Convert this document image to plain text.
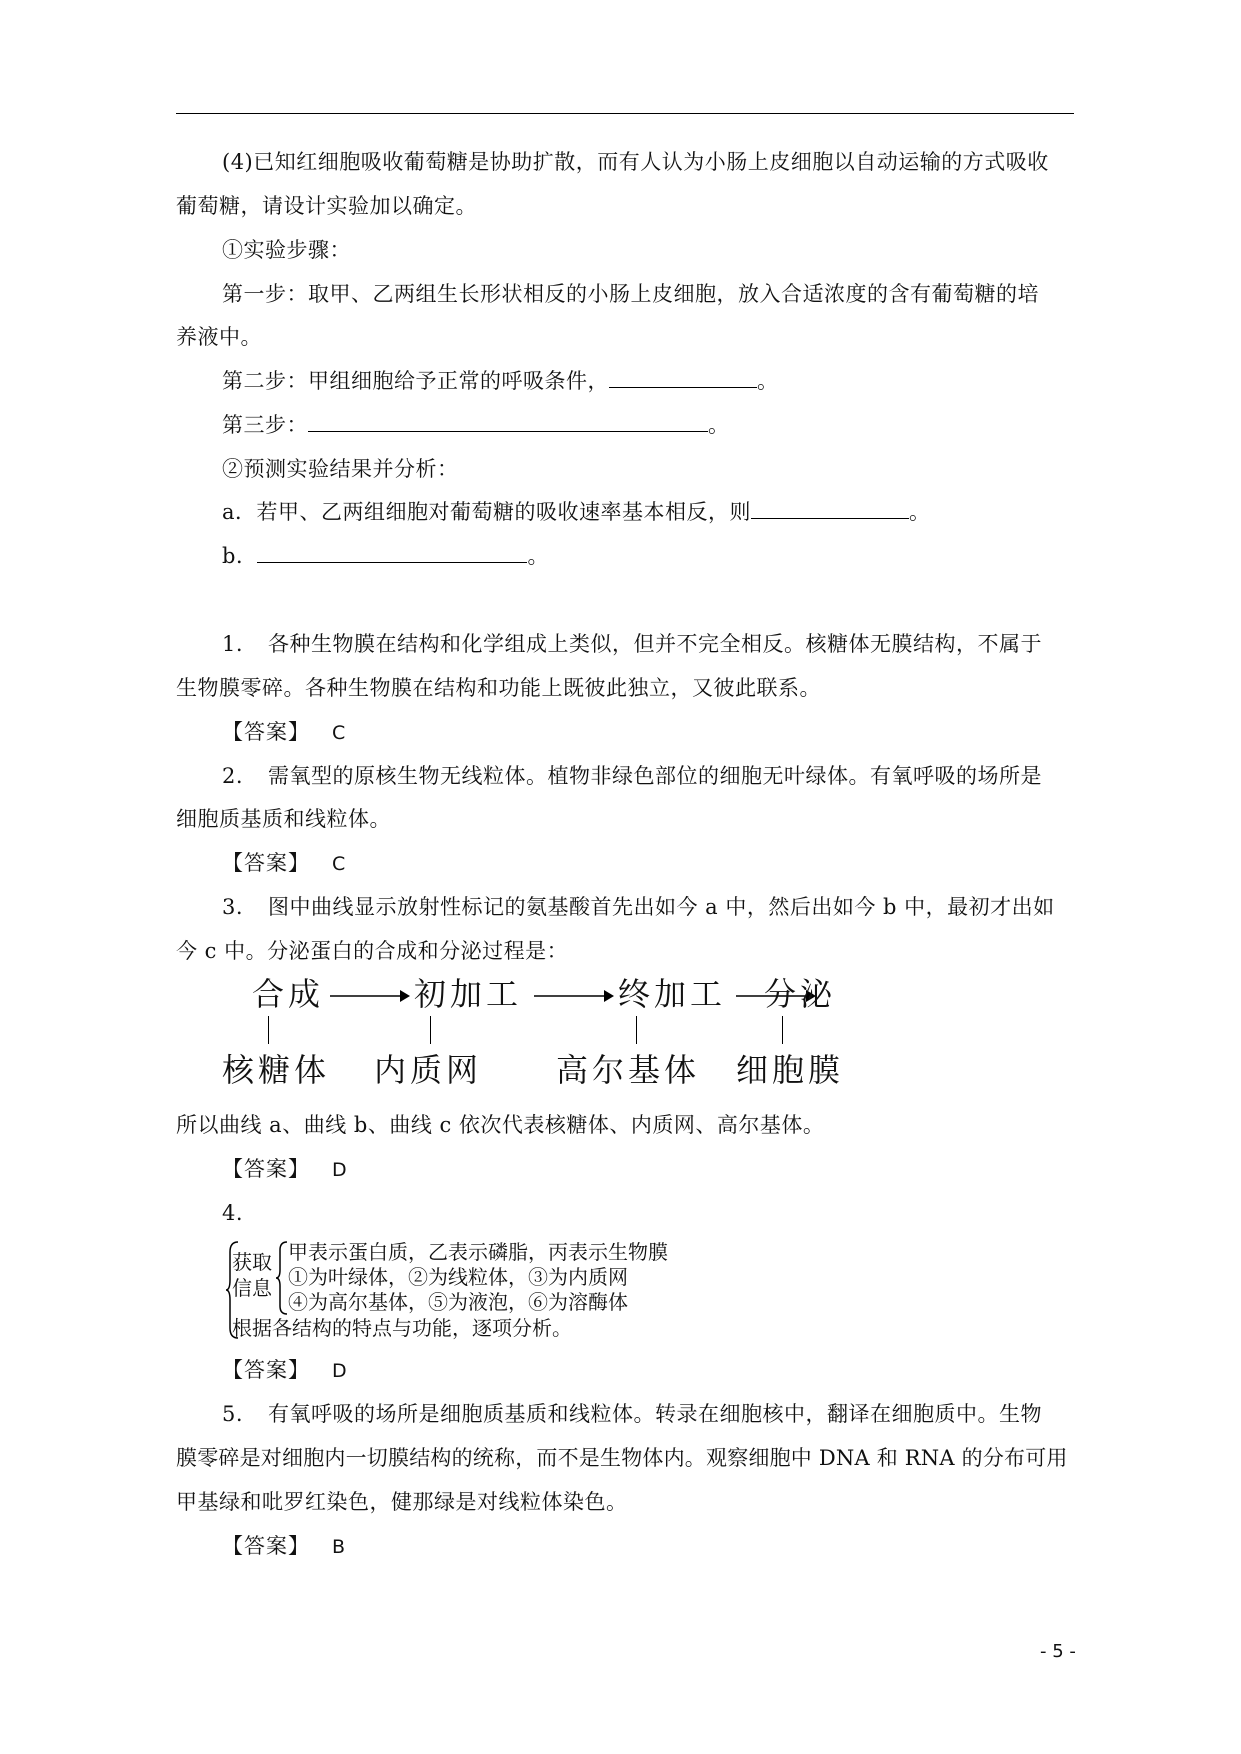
(4)已知红细胞吸收葡萄糖是协助扩散，而有人认为小肠上皮细胞以自动运输的方式吸收
葡萄糖，请设计实验加以确定。
①实验步骤：
第一步：取甲、乙两组生长形状相反的小肠上皮细胞，放入合适浓度的含有葡萄糖的培
养液中。
第二步：甲组细胞给予正常的呼吸条件，	。
第三步：	。
②预测实验结果并分析：
a．若甲、乙两组细胞对葡萄糖的吸收速率基本相反，则	。
b．	。
1. 各种生物膜在结构和化学组成上类似，但并不完全相反。核糖体无膜结构，不属于
生物膜零碎。各种生物膜在结构和功能上既彼此独立，又彼此联系。
【答案】 C
2. 需氧型的原核生物无线粒体。植物非绿色部位的细胞无叶绿体。有氧呼吸的场所是
细胞质基质和线粒体。
【答案】 C
3. 图中曲线显示放射性标记的氨基酸首先出如今 a 中，然后出如今 b 中，最初才出如
今 c 中。分泌蛋白的合成和分泌过程是：
合成	初加工	终加工 分泌
核糖体 内质网 高尔基体 细胞膜
所以曲线 a、曲线 b、曲线 c 依次代表核糖体、内质网、高尔基体。
【答案】 D
4.
获取
信息
甲表示蛋白质，乙表示磷脂，丙表示生物膜
①为叶绿体，②为线粒体，③为内质网
④为高尔基体，⑤为液泡，⑥为溶酶体
根据各结构的特点与功能，逐项分析。
【答案】 D
5. 有氧呼吸的场所是细胞质基质和线粒体。转录在细胞核中，翻译在细胞质中。生物
膜零碎是对细胞内一切膜结构的统称，而不是生物体内。观察细胞中 DNA 和 RNA 的分布可用
甲基绿和吡罗红染色，健那绿是对线粒体染色。
【答案】 B
- 5 -
